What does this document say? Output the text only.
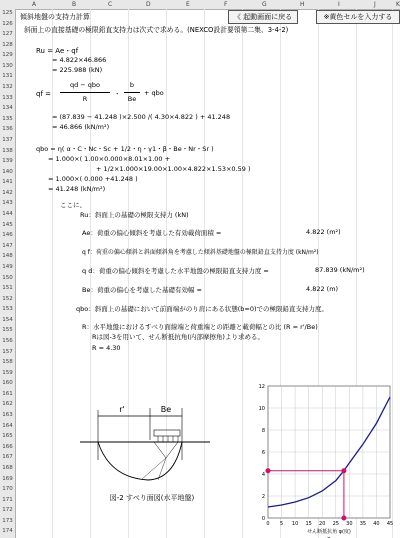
A	B	C	D	E	F	G	H	I	J	K
125
126
127
128
129
130
131
132
133
134
135
136
137
138
139
140
141
142
143
144
145
146
147
148
149
150
151
152
153
154
155
156
157
158
159
160
161
162
163
164
165
166
167
168
169
170
171
172
173
174
傾斜地盤の支持力計算	《 起動画面に戻る	※黄色セルを入力する
斜面上の直接基礎の極限鉛直支持力は次式で求める。(NEXCO設計要領第二集、3-4-2)
Ru = Ae・qf
= 4.822×46.866
= 225.988 (kN)
qf =
qd − qbo
R
・
b
Be
+ qbo
= (87.839 − 41.248 )×2.500 /( 4.30×4.822 ) + 41.248
= 46.866 (kN/m²)
qbo = η( α・C・Nc・Sc + 1/2・η・γ1・β・Be・Nr・Sr )
= 1.000×( 1.00×0.000×8.01×1.00 +
+ 1/2×1.000×19.00×1.00×4.822×1.53×0.59 )
= 1.000×( 0.000 +41.248 )
= 41.248 (kN/m²)
ここに、
Ru：斜面上の基礎の極限支持力 (kN)
Ae：荷重の偏心傾斜を考慮した有効載荷面積 =	4.822 (m²)
q f：荷重の偏心傾斜と斜面傾斜角を考慮した傾斜基礎地盤の極限鉛直支持力度 (kN/m²)
q d：荷重の偏心傾斜を考慮した水平地盤の極限鉛直支持力度 =	87.839 (kN/m²)
Be：荷重の偏心を考慮した基礎有効幅 =	4.822 (m)
qbo：斜面上の基礎において前面端がのり肩にある状態(b=0)での極限鉛直支持力度。
R：水平地盤におけるすべり面線端と荷重端との距離と載荷幅との比 (R = r'/Be)
Rは図-3を用いて、せん断抵抗角(内部摩擦角)より求める。
R = 4.30
r'	Be
図-2 すべり面図(水平地盤)
0 5 10 15 20 25 30 35 40 45
0
2
4
6
8
10
12
せん断抵抗角 φ(度)
